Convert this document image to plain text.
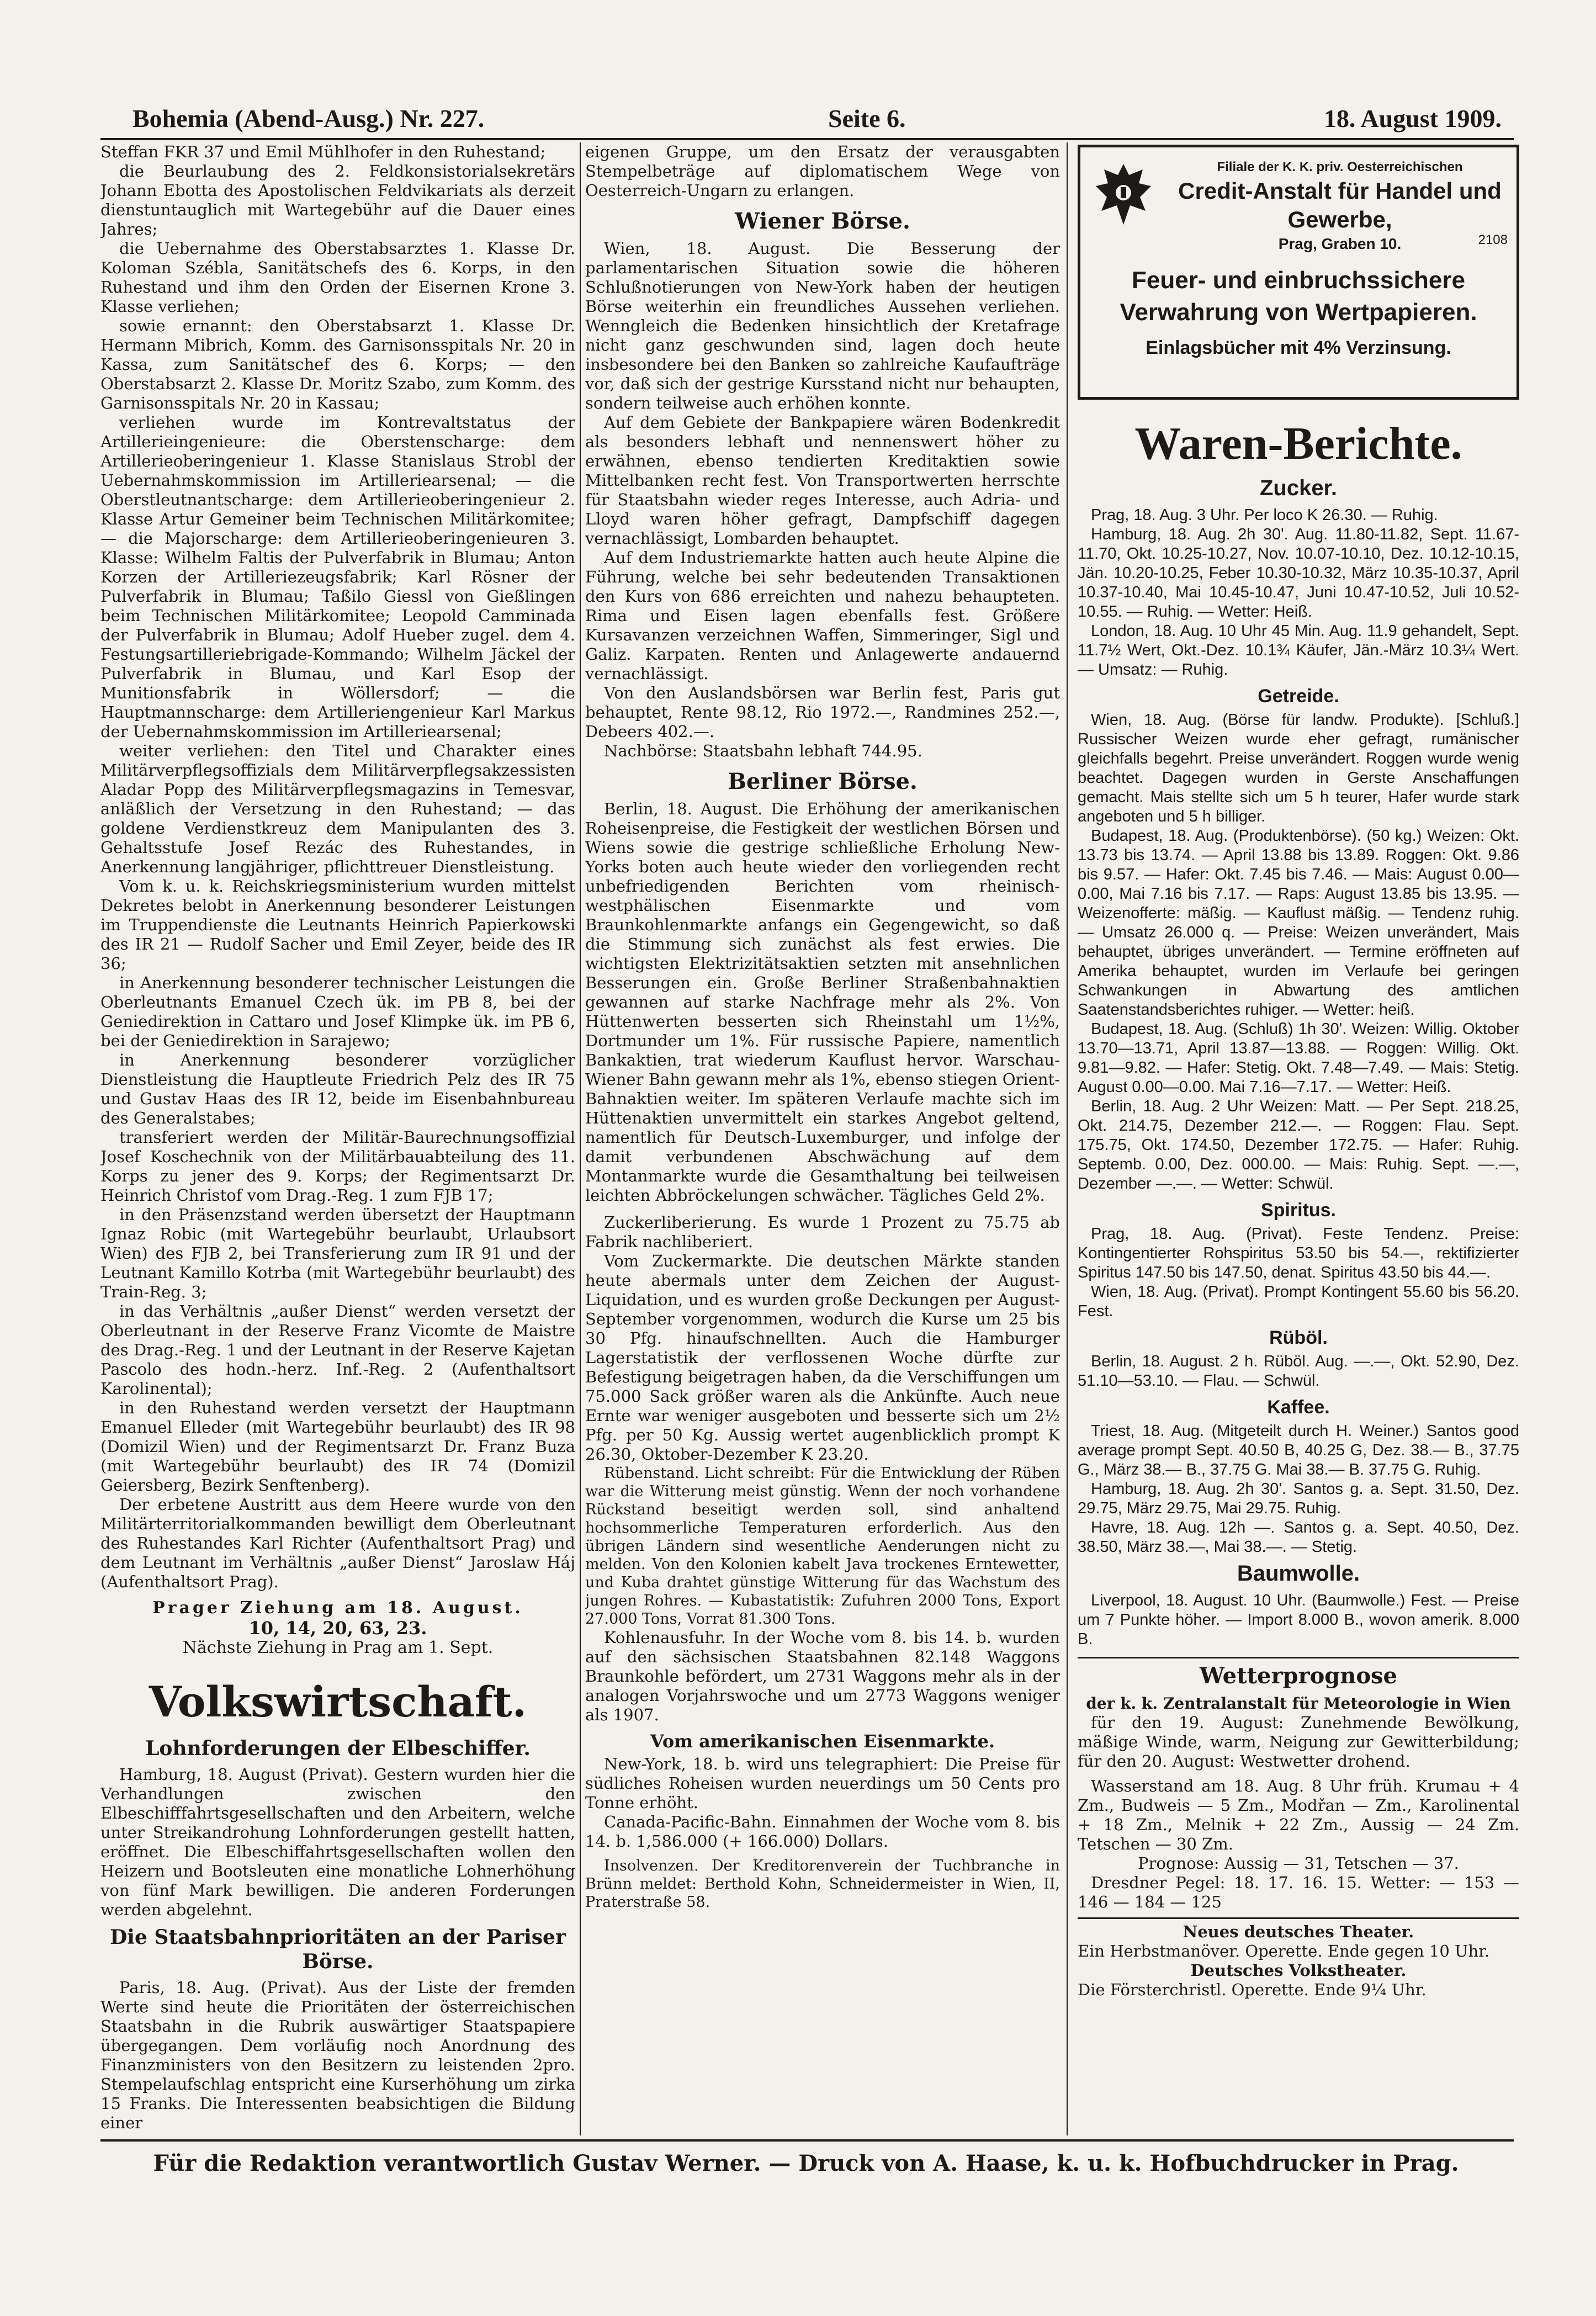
Bohemia (Abend-Ausg.) Nr. 227.	Seite 6.	18. August 1909.

Steffan FKR 37 und Emil Mühlhofer in den Ruhestand;

die Beurlaubung des 2. Feldkonsistorialsekretärs Johann Ebotta des Apostolischen Feldvikariats als derzeit dienstuntauglich mit Wartegebühr auf die Dauer eines Jahres;

die Uebernahme des Oberstabsarztes 1. Klasse Dr. Koloman Szébla, Sanitätschefs des 6. Korps, in den Ruhestand und ihm den Orden der Eisernen Krone 3. Klasse verliehen;

sowie ernannt: den Oberstabsarzt 1. Klasse Dr. Hermann Mibrich, Komm. des Garnisonsspitals Nr. 20 in Kassa, zum Sanitätschef des 6. Korps; — den Oberstabsarzt 2. Klasse Dr. Moritz Szabo, zum Komm. des Garnisonsspitals Nr. 20 in Kassau;

verliehen wurde im Kontrevaltstatus der Artillerieingenieure: die Oberstenscharge: dem Artillerieoberingenieur 1. Klasse Stanislaus Strobl der Uebernahmskommission im Artilleriearsenal; — die Oberstleutnantscharge: dem Artillerieoberingenieur 2. Klasse Artur Gemeiner beim Technischen Militärkomitee; — die Majorscharge: dem Artillerieoberingenieuren 3. Klasse: Wilhelm Faltis der Pulverfabrik in Blumau; Anton Korzen der Artilleriezeugsfabrik; Karl Rösner der Pulverfabrik in Blumau; Taßilo Giessl von Gießlingen beim Technischen Militärkomitee; Leopold Camminada der Pulverfabrik in Blumau; Adolf Hueber zugel. dem 4. Festungsartilleriebrigade-Kommando; Wilhelm Jäckel der Pulverfabrik in Blumau, und Karl Esop der Munitionsfabrik in Wöllersdorf; — die Hauptmannscharge: dem Artilleriengenieur Karl Markus der Uebernahmskommission im Artilleriearsenal;

weiter verliehen: den Titel und Charakter eines Militärverpflegsoffizials dem Militärverpflegsakzessisten Aladar Popp des Militärverpflegsmagazins in Temesvar, anläßlich der Versetzung in den Ruhestand; — das goldene Verdienstkreuz dem Manipulanten des 3. Gehaltsstufe Josef Rezác des Ruhestandes, in Anerkennung langjähriger, pflichttreuer Dienstleistung.

Vom k. u. k. Reichskriegsministerium wurden mittelst Dekretes belobt in Anerkennung besonderer Leistungen im Truppendienste die Leutnants Heinrich Papierkowski des IR 21 — Rudolf Sacher und Emil Zeyer, beide des IR 36;

in Anerkennung besonderer technischer Leistungen die Oberleutnants Emanuel Czech ük. im PB 8, bei der Geniedirektion in Cattaro und Josef Klimpke ük. im PB 6, bei der Geniedirektion in Sarajewo;

in Anerkennung besonderer vorzüglicher Dienstleistung die Hauptleute Friedrich Pelz des IR 75 und Gustav Haas des IR 12, beide im Eisenbahnbureau des Generalstabes;

transferiert werden der Militär-Baurechnungsoffizial Josef Koschechnik von der Militärbauabteilung des 11. Korps zu jener des 9. Korps; der Regimentsarzt Dr. Heinrich Christof vom Drag.-Reg. 1 zum FJB 17;

in den Präsenzstand werden übersetzt der Hauptmann Ignaz Robic (mit Wartegebühr beurlaubt, Urlaubsort Wien) des FJB 2, bei Transferierung zum IR 91 und der Leutnant Kamillo Kotrba (mit Wartegebühr beurlaubt) des Train-Reg. 3;

in das Verhältnis „außer Dienst“ werden versetzt der Oberleutnant in der Reserve Franz Vicomte de Maistre des Drag.-Reg. 1 und der Leutnant in der Reserve Kajetan Pascolo des hodn.-herz. Inf.-Reg. 2 (Aufenthaltsort Karolinental);

in den Ruhestand werden versetzt der Hauptmann Emanuel Elleder (mit Wartegebühr beurlaubt) des IR 98 (Domizil Wien) und der Regimentsarzt Dr. Franz Buza (mit Wartegebühr beurlaubt) des IR 74 (Domizil Geiersberg, Bezirk Senftenberg).

Der erbetene Austritt aus dem Heere wurde von den Militärterritorialkommanden bewilligt dem Oberleutnant des Ruhestandes Karl Richter (Aufenthaltsort Prag) und dem Leutnant im Verhältnis „außer Dienst“ Jaroslaw Háj (Aufenthaltsort Prag).

Prager Ziehung am 18. August.
10, 14, 20, 63, 23.
Nächste Ziehung in Prag am 1. Sept.
Volkswirtschaft.
Lohnforderungen der Elbeschiffer.

Hamburg, 18. August (Privat). Gestern wurden hier die Verhandlungen zwischen den Elbeschifffahrtsgesellschaften und den Arbeitern, welche unter Streikandrohung Lohnforderungen gestellt hatten, eröffnet. Die Elbeschiffahrtsgesellschaften wollen den Heizern und Bootsleuten eine monatliche Lohnerhöhung von fünf Mark bewilligen. Die anderen Forderungen werden abgelehnt.

Die Staatsbahnprioritäten an der Pariser Börse.

Paris, 18. Aug. (Privat). Aus der Liste der fremden Werte sind heute die Prioritäten der österreichischen Staatsbahn in die Rubrik auswärtiger Staatspapiere übergegangen. Dem vorläufig noch Anordnung des Finanzministers von den Besitzern zu leistenden 2pro. Stempelaufschlag entspricht eine Kurserhöhung um zirka 15 Franks. Die Interessenten beabsichtigen die Bildung einer

eigenen Gruppe, um den Ersatz der verausgabten Stempelbeträge auf diplomatischem Wege von Oesterreich-Ungarn zu erlangen.

Wiener Börse.

Wien, 18. August. Die Besserung der parlamentarischen Situation sowie die höheren Schlußnotierungen von New-York haben der heutigen Börse weiterhin ein freundliches Aussehen verliehen. Wenngleich die Bedenken hinsichtlich der Kretafrage nicht ganz geschwunden sind, lagen doch heute insbesondere bei den Banken so zahlreiche Kaufaufträge vor, daß sich der gestrige Kursstand nicht nur behaupten, sondern teilweise auch erhöhen konnte.

Auf dem Gebiete der Bankpapiere wären Bodenkredit als besonders lebhaft und nennenswert höher zu erwähnen, ebenso tendierten Kreditaktien sowie Mittelbanken recht fest. Von Transportwerten herrschte für Staatsbahn wieder reges Interesse, auch Adria- und Lloyd waren höher gefragt, Dampfschiff dagegen vernachlässigt, Lombarden behauptet.

Auf dem Industriemarkte hatten auch heute Alpine die Führung, welche bei sehr bedeutenden Transaktionen den Kurs von 686 erreichten und nahezu behaupteten. Rima und Eisen lagen ebenfalls fest. Größere Kursavanzen verzeichnen Waffen, Simmeringer, Sigl und Galiz. Karpaten. Renten und Anlagewerte andauernd vernachlässigt.

Von den Auslandsbörsen war Berlin fest, Paris gut behauptet, Rente 98.12, Rio 1972.—, Randmines 252.—, Debeers 402.—.

Nachbörse: Staatsbahn lebhaft 744.95.

Berliner Börse.

Berlin, 18. August. Die Erhöhung der amerikanischen Roheisenpreise, die Festigkeit der westlichen Börsen und Wiens sowie die gestrige schließliche Erholung New-Yorks boten auch heute wieder den vorliegenden recht unbefriedigenden Berichten vom rheinisch-westphälischen Eisenmarkte und vom Braunkohlenmarkte anfangs ein Gegengewicht, so daß die Stimmung sich zunächst als fest erwies. Die wichtigsten Elektrizitätsaktien setzten mit ansehnlichen Besserungen ein. Große Berliner Straßenbahnaktien gewannen auf starke Nachfrage mehr als 2%. Von Hüttenwerten besserten sich Rheinstahl um 1½%, Dortmunder um 1%. Für russische Papiere, namentlich Bankaktien, trat wiederum Kauflust hervor. Warschau-Wiener Bahn gewann mehr als 1%, ebenso stiegen Orient-Bahnaktien weiter. Im späteren Verlaufe machte sich im Hüttenaktien unvermittelt ein starkes Angebot geltend, namentlich für Deutsch-Luxemburger, und infolge der damit verbundenen Abschwächung auf dem Montanmarkte wurde die Gesamthaltung bei teilweisen leichten Abbröckelungen schwächer. Tägliches Geld 2%.

Zuckerliberierung. Es wurde 1 Prozent zu 75.75 ab Fabrik nachliberiert.

Vom Zuckermarkte. Die deutschen Märkte standen heute abermals unter dem Zeichen der August-Liquidation, und es wurden große Deckungen per August-September vorgenommen, wodurch die Kurse um 25 bis 30 Pfg. hinaufschnellten. Auch die Hamburger Lagerstatistik der verflossenen Woche dürfte zur Befestigung beigetragen haben, da die Verschiffungen um 75.000 Sack größer waren als die Ankünfte. Auch neue Ernte war weniger ausgeboten und besserte sich um 2½ Pfg. per 50 Kg. Aussig wertet augenblicklich prompt K 26.30, Oktober-Dezember K 23.20.

Rübenstand. Licht schreibt: Für die Entwicklung der Rüben war die Witterung meist günstig. Wenn der noch vorhandene Rückstand beseitigt werden soll, sind anhaltend hochsommerliche Temperaturen erforderlich. Aus den übrigen Ländern sind wesentliche Aenderungen nicht zu melden. Von den Kolonien kabelt Java trockenes Erntewetter, und Kuba drahtet günstige Witterung für das Wachstum des jungen Rohres. — Kubastatistik: Zufuhren 2000 Tons, Export 27.000 Tons, Vorrat 81.300 Tons.

Kohlenausfuhr. In der Woche vom 8. bis 14. b. wurden auf den sächsischen Staatsbahnen 82.148 Waggons Braunkohle befördert, um 2731 Waggons mehr als in der analogen Vorjahrswoche und um 2773 Waggons weniger als 1907.

Vom amerikanischen Eisenmarkte.

New-York, 18. b. wird uns telegraphiert: Die Preise für südliches Roheisen wurden neuerdings um 50 Cents pro Tonne erhöht.

Canada-Pacific-Bahn. Einnahmen der Woche vom 8. bis 14. b. 1,586.000 (+ 166.000) Dollars.

Insolvenzen. Der Kreditorenverein der Tuchbranche in Brünn meldet: Berthold Kohn, Schneidermeister in Wien, II, Praterstraße 58.

Filiale der K. K. priv. Oesterreichischen
Credit-Anstalt für Handel und Gewerbe,
Prag, Graben 10.	2108
Feuer- und einbruchssichere Verwahrung von Wertpapieren.
Einlagsbücher mit 4% Verzinsung.
Waren-Berichte.
Zucker.

Prag, 18. Aug. 3 Uhr. Per loco K 26.30. — Ruhig.

Hamburg, 18. Aug. 2h 30'. Aug. 11.80-11.82, Sept. 11.67-11.70, Okt. 10.25-10.27, Nov. 10.07-10.10, Dez. 10.12-10.15, Jän. 10.20-10.25, Feber 10.30-10.32, März 10.35-10.37, April 10.37-10.40, Mai 10.45-10.47, Juni 10.47-10.52, Juli 10.52-10.55. — Ruhig. — Wetter: Heiß.

London, 18. Aug. 10 Uhr 45 Min. Aug. 11.9 gehandelt, Sept. 11.7½ Wert, Okt.-Dez. 10.1¾ Käufer, Jän.-März 10.3¼ Wert. — Umsatz: — Ruhig.

Getreide.

Wien, 18. Aug. (Börse für landw. Produkte). [Schluß.] Russischer Weizen wurde eher gefragt, rumänischer gleichfalls begehrt. Preise unverändert. Roggen wurde wenig beachtet. Dagegen wurden in Gerste Anschaffungen gemacht. Mais stellte sich um 5 h teurer, Hafer wurde stark angeboten und 5 h billiger.

Budapest, 18. Aug. (Produktenbörse). (50 kg.) Weizen: Okt. 13.73 bis 13.74. — April 13.88 bis 13.89. Roggen: Okt. 9.86 bis 9.57. — Hafer: Okt. 7.45 bis 7.46. — Mais: August 0.00—0.00, Mai 7.16 bis 7.17. — Raps: August 13.85 bis 13.95. — Weizenofferte: mäßig. — Kauflust mäßig. — Tendenz ruhig. — Umsatz 26.000 q. — Preise: Weizen unverändert, Mais behauptet, übriges unverändert. — Termine eröffneten auf Amerika behauptet, wurden im Verlaufe bei geringen Schwankungen in Abwartung des amtlichen Saatenstandsberichtes ruhiger. — Wetter: heiß.

Budapest, 18. Aug. (Schluß) 1h 30'. Weizen: Willig. Oktober 13.70—13.71, April 13.87—13.88. — Roggen: Willig. Okt. 9.81—9.82. — Hafer: Stetig. Okt. 7.48—7.49. — Mais: Stetig. August 0.00—0.00. Mai 7.16—7.17. — Wetter: Heiß.

Berlin, 18. Aug. 2 Uhr Weizen: Matt. — Per Sept. 218.25, Okt. 214.75, Dezember 212.—. — Roggen: Flau. Sept. 175.75, Okt. 174.50, Dezember 172.75. — Hafer: Ruhig. Septemb. 0.00, Dez. 000.00. — Mais: Ruhig. Sept. —.—, Dezember —.—. — Wetter: Schwül.

Spiritus.

Prag, 18. Aug. (Privat). Feste Tendenz. Preise: Kontingentierter Rohspiritus 53.50 bis 54.—, rektifizierter Spiritus 147.50 bis 147.50, denat. Spiritus 43.50 bis 44.—.

Wien, 18. Aug. (Privat). Prompt Kontingent 55.60 bis 56.20. Fest.

Rüböl.

Berlin, 18. August. 2 h. Rüböl. Aug. —.—, Okt. 52.90, Dez. 51.10—53.10. — Flau. — Schwül.

Kaffee.

Triest, 18. Aug. (Mitgeteilt durch H. Weiner.) Santos good average prompt Sept. 40.50 B, 40.25 G, Dez. 38.— B., 37.75 G., März 38.— B., 37.75 G. Mai 38.— B. 37.75 G. Ruhig.

Hamburg, 18. Aug. 2h 30'. Santos g. a. Sept. 31.50, Dez. 29.75, März 29.75, Mai 29.75. Ruhig.

Havre, 18. Aug. 12h —. Santos g. a. Sept. 40.50, Dez. 38.50, März 38.—, Mai 38.—. — Stetig.

Baumwolle.

Liverpool, 18. August. 10 Uhr. (Baumwolle.) Fest. — Preise um 7 Punkte höher. — Import 8.000 B., wovon amerik. 8.000 B.

Wetterprognose
der k. k. Zentralanstalt für Meteorologie in Wien

für den 19. August: Zunehmende Bewölkung, mäßige Winde, warm, Neigung zur Gewitterbildung; für den 20. August: Westwetter drohend.

Wasserstand am 18. Aug. 8 Uhr früh. Krumau + 4 Zm., Budweis — 5 Zm., Modřan — Zm., Karolinental + 18 Zm., Melnik + 22 Zm., Aussig — 24 Zm. Tetschen — 30 Zm.

Prognose: Aussig — 31, Tetschen — 37.

Dresdner Pegel: 18. 17. 16. 15. Wetter: — 153 — 146 — 184 — 125

Neues deutsches Theater.

Ein Herbstmanöver. Operette. Ende gegen 10 Uhr.

Deutsches Volkstheater.

Die Försterchristl. Operette. Ende 9¼ Uhr.

Für die Redaktion verantwortlich Gustav Werner. — Druck von A. Haase, k. u. k. Hofbuchdrucker in Prag.
